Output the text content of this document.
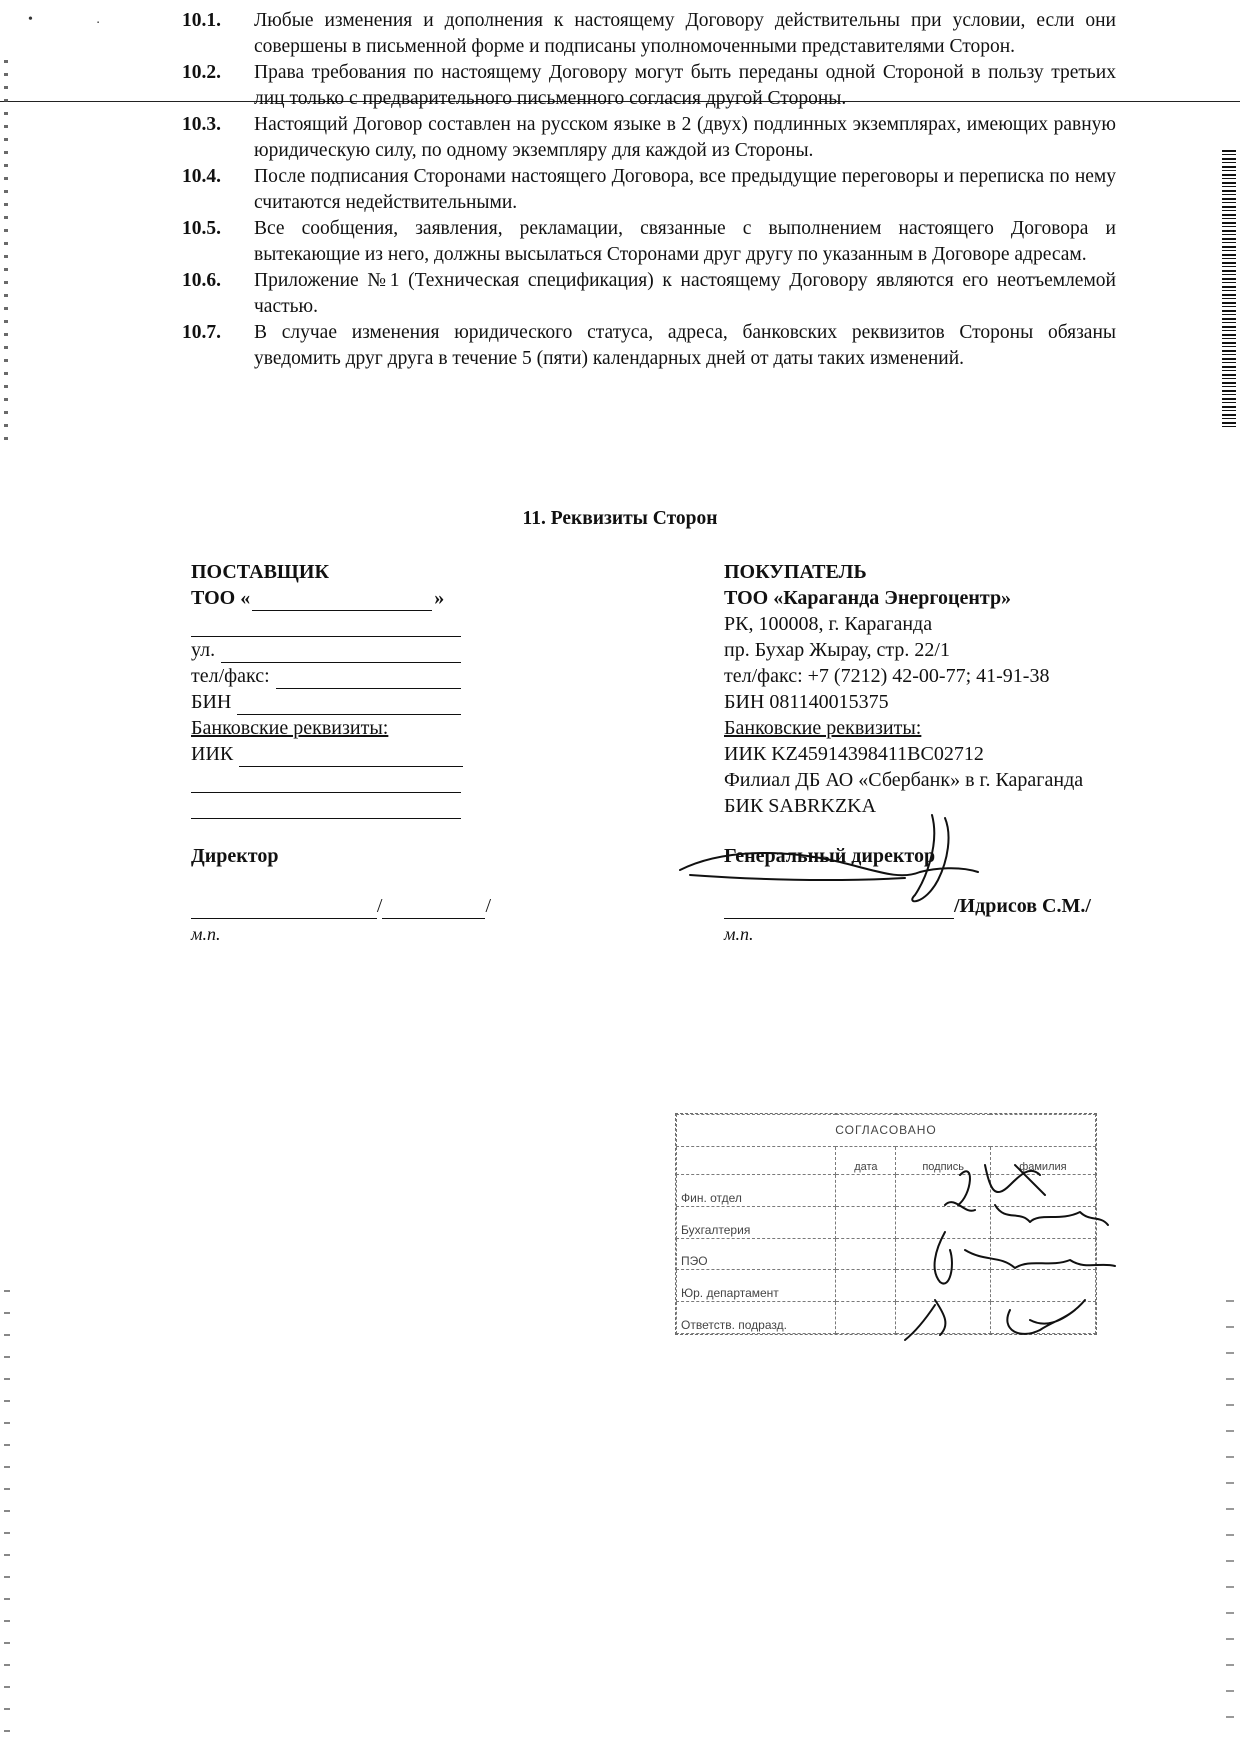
• .	10.1.	Любые изменения и дополнения к настоящему Договору действительны при условии, если они совершены в письменной форме и подписаны уполномоченными представителями Сторон.
10.2.	Права требования по настоящему Договору могут быть переданы одной Стороной в пользу третьих лиц только с предварительного письменного согласия другой Стороны.
10.3.	Настоящий Договор составлен на русском языке в 2 (двух) подлинных экземплярах, имеющих равную юридическую силу, по одному экземпляру для каждой из Стороны.
10.4.	После подписания Сторонами настоящего Договора, все предыдущие переговоры и переписка по нему считаются недействительными.
10.5.	Все сообщения, заявления, рекламации, связанные с выполнением настоящего Договора и вытекающие из него, должны высылаться Сторонами друг другу по указанным в Договоре адресам.
10.6.	Приложение №1 (Техническая спецификация) к настоящему Договору являются его неотъемлемой частью.
10.7.	В случае изменения юридического статуса, адреса, банковских реквизитов Стороны обязаны уведомить друг друга в течение 5 (пяти) календарных дней от даты таких изменений.
11. Реквизиты Сторон
ПОСТАВЩИК
ТОО «	»
ул.
тел/факс:
БИН
Банковские реквизиты:
ИИК
Директор
/	/
м.п.
ПОКУПАТЕЛЬ
ТОО «Караганда Энергоцентр»
РК, 100008, г. Караганда
пр. Бухар Жырау, стр. 22/1
тел/факс: +7 (7212) 42-00-77; 41-91-38
БИН 081140015375
Банковские реквизиты:
ИИК KZ45914398411BC02712
Филиал ДБ АО «Сбербанк» в г. Караганда
БИК SABRKZKA
Генеральный директор
/Идрисов С.М./
м.п.
СОГЛАСОВАНО			
	дата	подпись	фамилия
Фин. отдел			
Бухгалтерия			
ПЭО			
Юр. департамент			
Ответств. подразд.			
